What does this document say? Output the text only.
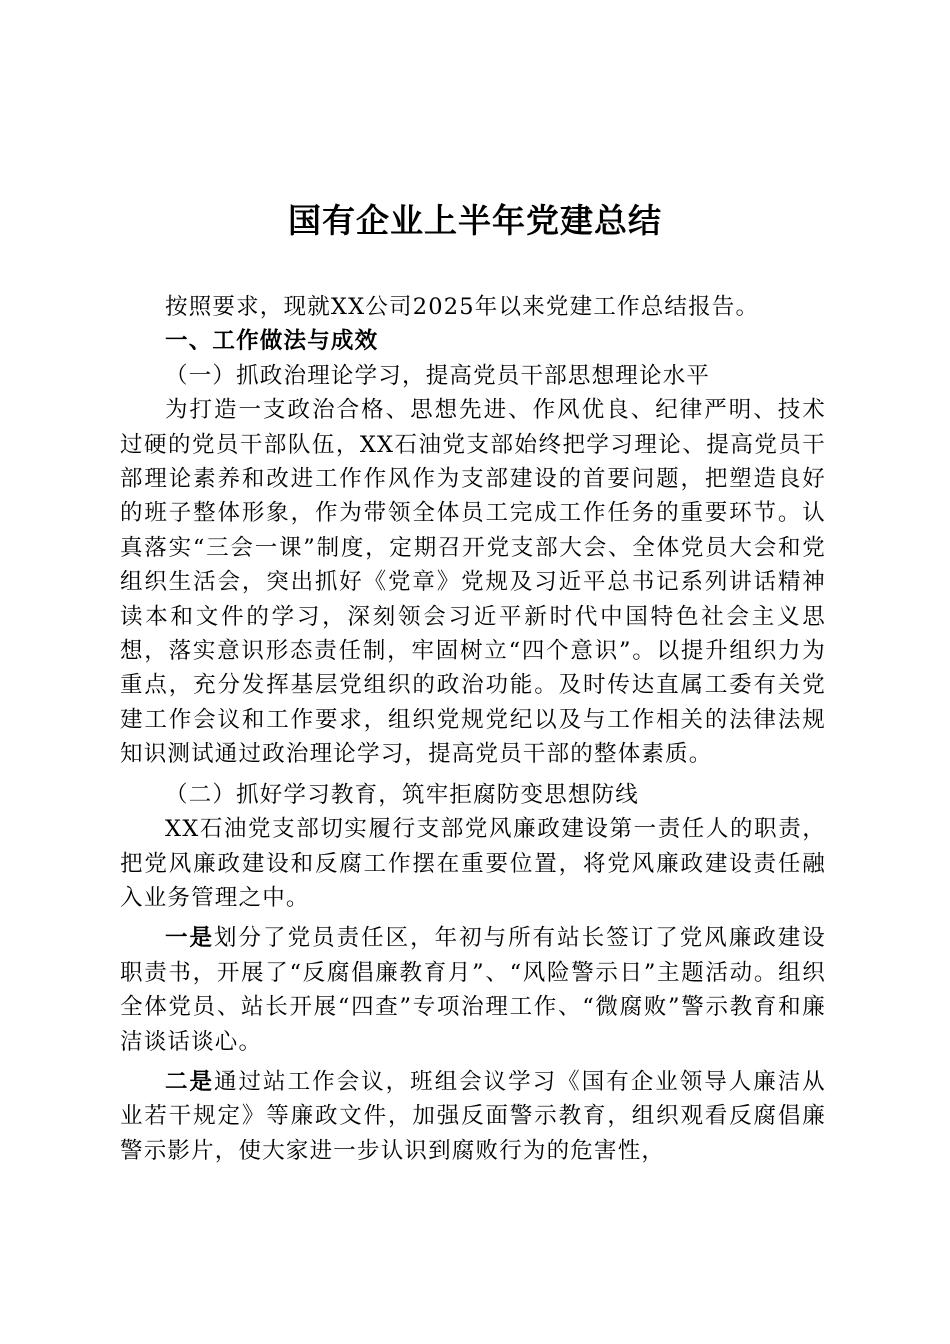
国有企业上半年党建总结

按照要求，现就XX公司2025年以来党建工作总结报告。

一、工作做法与成效

（一）抓政治理论学习，提高党员干部思想理论水平

为打造一支政治合格、思想先进、作风优良、纪律严明、技术过硬的党员干部队伍，XX石油党支部始终把学习理论、提高党员干部理论素养和改进工作作风作为支部建设的首要问题，把塑造良好的班子整体形象，作为带领全体员工完成工作任务的重要环节。认真落实“三会一课”制度，定期召开党支部大会、全体党员大会和党组织生活会，突出抓好《党章》党规及习近平总书记系列讲话精神读本和文件的学习，深刻领会习近平新时代中国特色社会主义思想，落实意识形态责任制，牢固树立“四个意识”。以提升组织力为重点，充分发挥基层党组织的政治功能。及时传达直属工委有关党建工作会议和工作要求，组织党规党纪以及与工作相关的法律法规知识测试通过政治理论学习，提高党员干部的整体素质。

（二）抓好学习教育，筑牢拒腐防变思想防线

XX石油党支部切实履行支部党风廉政建设第一责任人的职责，把党风廉政建设和反腐工作摆在重要位置，将党风廉政建设责任融入业务管理之中。

一是划分了党员责任区，年初与所有站长签订了党风廉政建设职责书，开展了“反腐倡廉教育月”、“风险警示日”主题活动。组织全体党员、站长开展“四查”专项治理工作、“微腐败”警示教育和廉洁谈话谈心。

二是通过站工作会议，班组会议学习《国有企业领导人廉洁从业若干规定》等廉政文件，加强反面警示教育，组织观看反腐倡廉警示影片，使大家进一步认识到腐败行为的危害性，
